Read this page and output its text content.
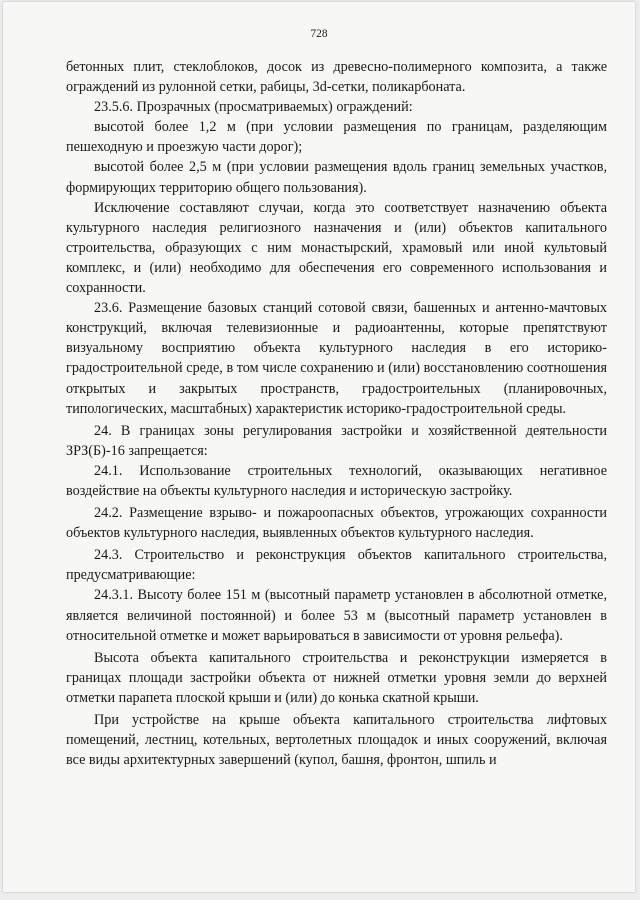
728

бетонных плит, стеклоблоков, досок из древесно-полимерного композита, а также ограждений из рулонной сетки, рабицы, 3d-сетки, поликарбоната.

23.5.6. Прозрачных (просматриваемых) ограждений:

высотой более 1,2 м (при условии размещения по границам, разделяющим пешеходную и проезжую части дорог);

высотой более 2,5 м (при условии размещения вдоль границ земельных участков, формирующих территорию общего пользования).

Исключение составляют случаи, когда это соответствует назначению объекта культурного наследия религиозного назначения и (или) объектов капитального строительства, образующих с ним монастырский, храмовый или иной культовый комплекс, и (или) необходимо для обеспечения его современного использования и сохранности.

23.6. Размещение базовых станций сотовой связи, башенных и антенно-мачтовых конструкций, включая телевизионные и радиоантенны, которые препятствуют визуальному восприятию объекта культурного наследия в его историко-градостроительной среде, в том числе сохранению и (или) восстановлению соотношения открытых и закрытых пространств, градостроительных (планировочных, типологических, масштабных) характеристик историко-градостроительной среды.

24. В границах зоны регулирования застройки и хозяйственной деятельности ЗРЗ(Б)-16 запрещается:

24.1. Использование строительных технологий, оказывающих негативное воздействие на объекты культурного наследия и историческую застройку.

24.2. Размещение взрыво- и пожароопасных объектов, угрожающих сохранности объектов культурного наследия, выявленных объектов культурного наследия.

24.3. Строительство и реконструкция объектов капитального строительства, предусматривающие:

24.3.1. Высоту более 151 м (высотный параметр установлен в абсолютной отметке, является величиной постоянной) и более 53 м (высотный параметр установлен в относительной отметке и может варьироваться в зависимости от уровня рельефа).

Высота объекта капитального строительства и реконструкции измеряется в границах площади застройки объекта от нижней отметки уровня земли до верхней отметки парапета плоской крыши и (или) до конька скатной крыши.

При устройстве на крыше объекта капитального строительства лифтовых помещений, лестниц, котельных, вертолетных площадок и иных сооружений, включая все виды архитектурных завершений (купол, башня, фронтон, шпиль и
